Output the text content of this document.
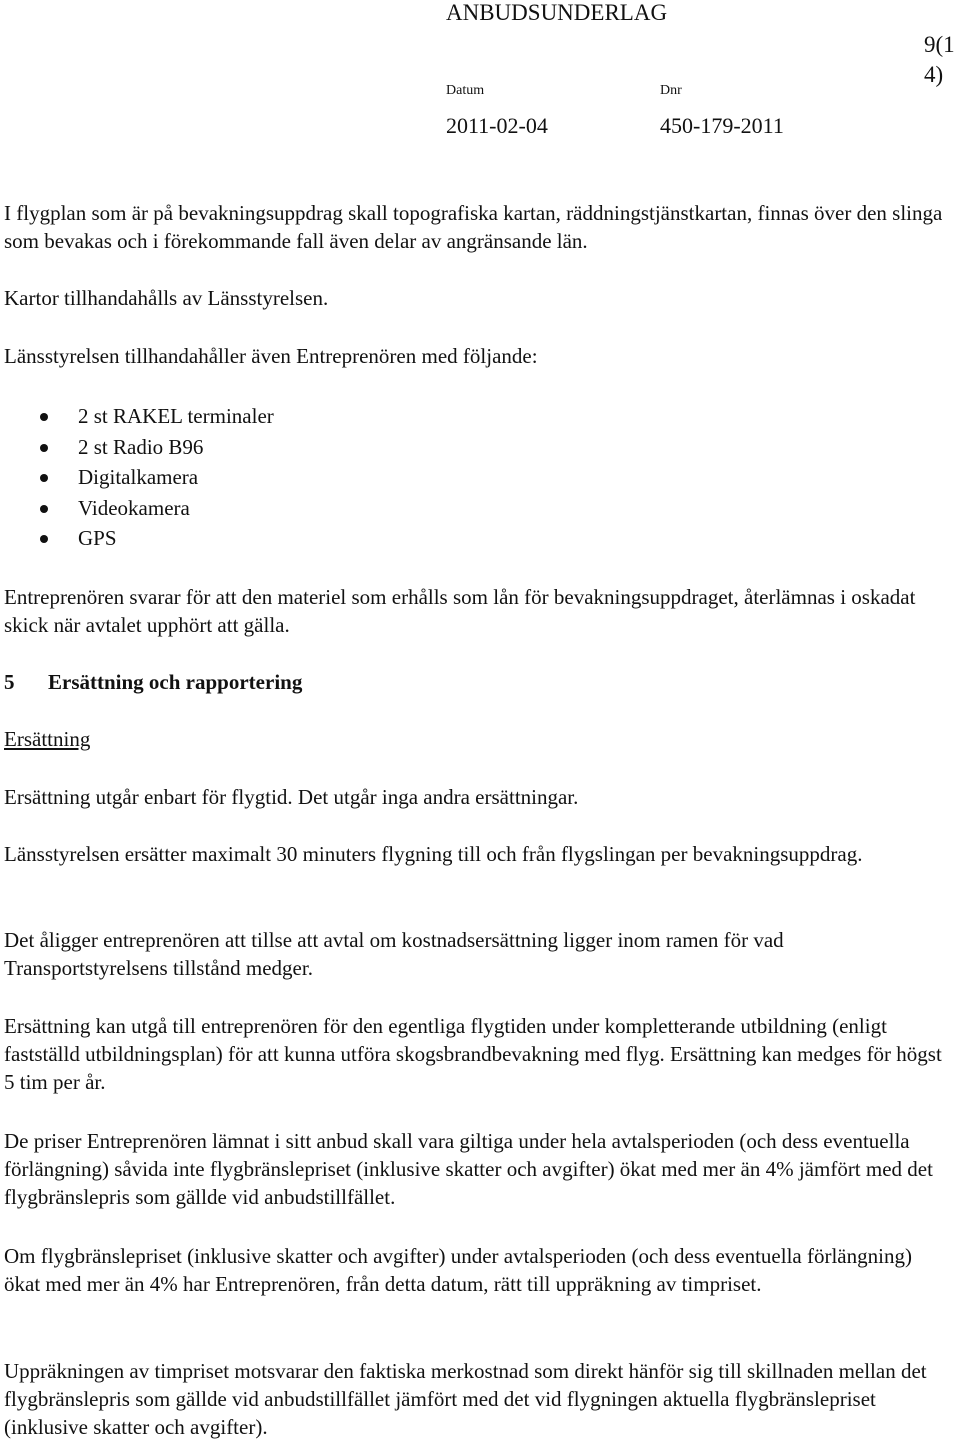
ANBUDSUNDERLAG
9(1
4)
Datum	Dnr
2011-02-04	450-179-2011

I flygplan som är på bevakningsuppdrag skall topografiska kartan, räddningstjänstkartan, finnas över den slinga som bevakas och i förekommande fall även delar av angränsande län.

Kartor tillhandahålls av Länsstyrelsen.

Länsstyrelsen tillhandahåller även Entreprenören med följande:

2 st RAKEL terminaler
2 st Radio B96
Digitalkamera
Videokamera
GPS

Entreprenören svarar för att den materiel som erhålls som lån för bevakningsuppdraget, återlämnas i oskadat skick när avtalet upphört att gälla.

5 Ersättning och rapportering

Ersättning

Ersättning utgår enbart för flygtid. Det utgår inga andra ersättningar.

Länsstyrelsen ersätter maximalt 30 minuters flygning till och från flygslingan per bevakningsuppdrag.

Det åligger entreprenören att tillse att avtal om kostnadsersättning ligger inom ramen för vad Transportstyrelsens tillstånd medger.

Ersättning kan utgå till entreprenören för den egentliga flygtiden under kompletterande utbildning (enligt fastställd utbildningsplan) för att kunna utföra skogsbrandbevakning med flyg. Ersättning kan medges för högst 5 tim per år.

De priser Entreprenören lämnat i sitt anbud skall vara giltiga under hela avtalsperioden (och dess eventuella förlängning) såvida inte flygbränslepriset (inklusive skatter och avgifter) ökat med mer än 4% jämfört med det flygbränslepris som gällde vid anbudstillfället.

Om flygbränslepriset (inklusive skatter och avgifter) under avtalsperioden (och dess eventuella förlängning) ökat med mer än 4% har Entreprenören, från detta datum, rätt till uppräkning av timpriset.

Uppräkningen av timpriset motsvarar den faktiska merkostnad som direkt hänför sig till skillnaden mellan det flygbränslepris som gällde vid anbudstillfället jämfört med det vid flygningen aktuella flygbränslepriset (inklusive skatter och avgifter).
